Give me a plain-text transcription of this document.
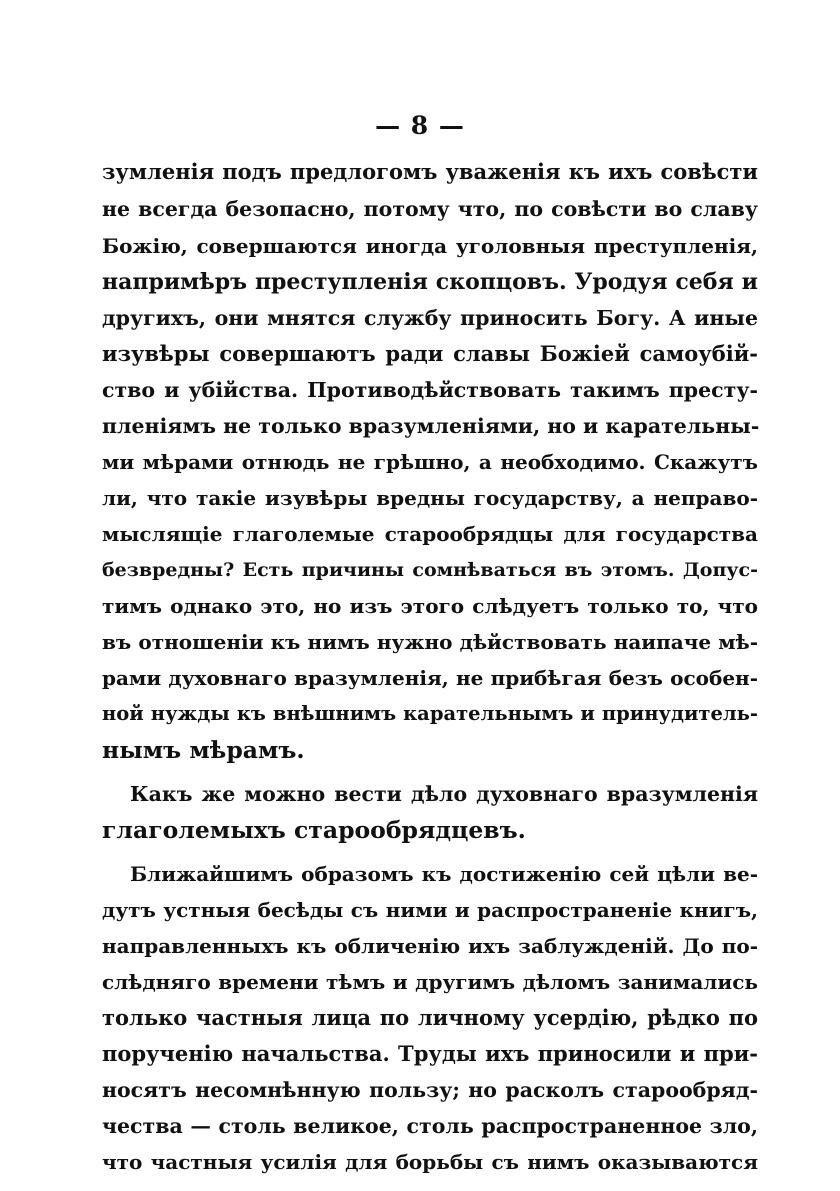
— 8 —
зумленія подъ предлогомъ уваженія къ ихъ совѣсти
не всегда безопасно, потому что, по совѣсти во славу
Божію, совершаются иногда уголовныя преступленія,
напримѣръ преступленія скопцовъ. Уродуя себя и
другихъ, они мнятся службу приносить Богу. А иные
изувѣры совершаютъ ради славы Божіей самоубій-
ство и убійства. Противодѣйствовать такимъ престу-
пленіямъ не только вразумленіями, но и карательны-
ми мѣрами отнюдь не грѣшно, а необходимо. Скажутъ
ли, что такіе изувѣры вредны государству, а неправо-
мыслящіе глаголемые старообрядцы для государства
безвредны? Есть причины сомнѣваться въ этомъ. Допус-
тимъ однако это, но изъ этого слѣдуетъ только то, что
въ отношеніи къ нимъ нужно дѣйствовать наипаче мѣ-
рами духовнаго вразумленія, не прибѣгая безъ особен-
ной нужды къ внѣшнимъ карательнымъ и принудитель-
нымъ мѣрамъ.
Какъ же можно вести дѣло духовнаго вразумленія
глаголемыхъ старообрядцевъ.
Ближайшимъ образомъ къ достиженію сей цѣли ве-
дутъ устныя бесѣды съ ними и распространеніе книгъ,
направленныхъ къ обличенію ихъ заблужденій. До по-
слѣдняго времени тѣмъ и другимъ дѣломъ занимались
только частныя лица по личному усердію, рѣдко по
порученію начальства. Труды ихъ приносили и при-
носятъ несомнѣнную пользу; но расколъ старообряд-
чества — столь великое, столь распространенное зло,
что частныя усилія для борьбы съ нимъ оказываются
